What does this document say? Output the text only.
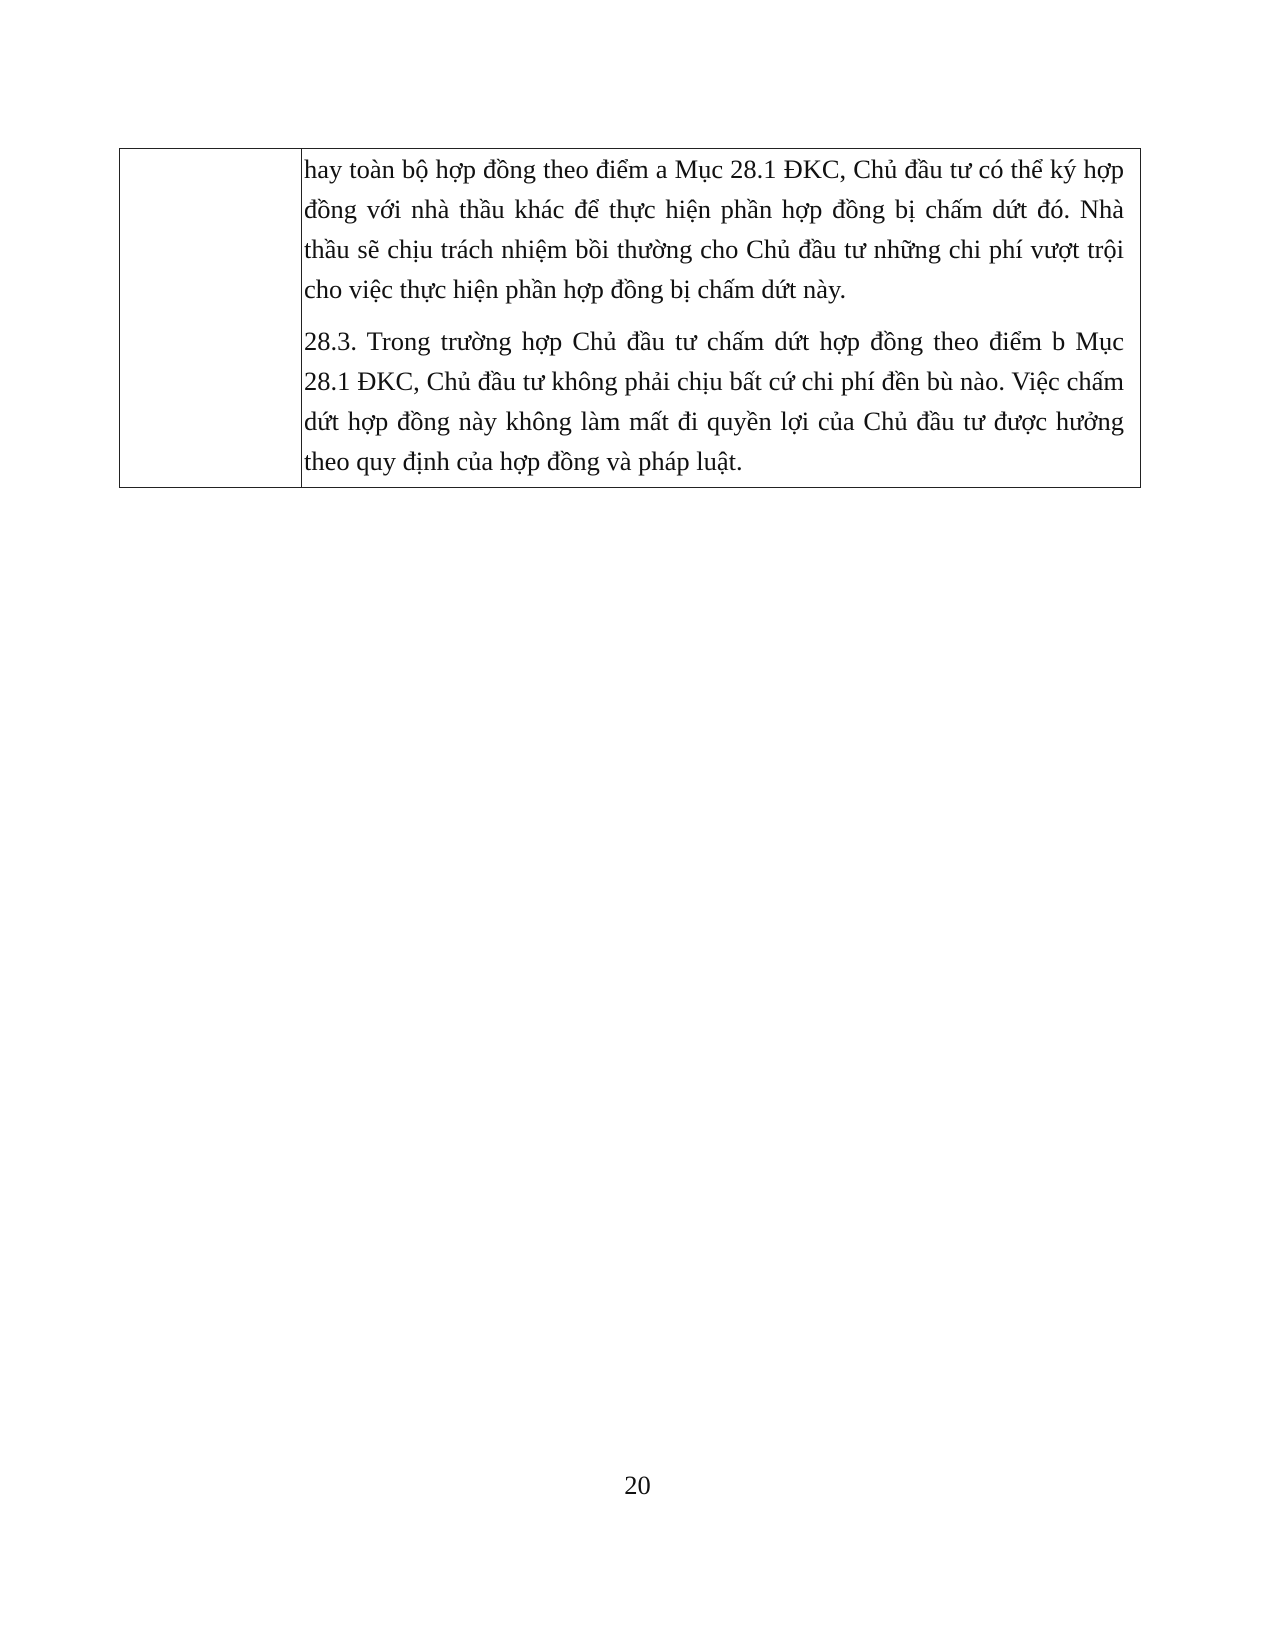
hay toàn bộ hợp đồng theo điểm a Mục 28.1 ĐKC, Chủ đầu tư có thể ký hợp đồng với nhà thầu khác để thực hiện phần hợp đồng bị chấm dứt đó. Nhà thầu sẽ chịu trách nhiệm bồi thường cho Chủ đầu tư những chi phí vượt trội cho việc thực hiện phần hợp đồng bị chấm dứt này.

28.3. Trong trường hợp Chủ đầu tư chấm dứt hợp đồng theo điểm b Mục 28.1 ĐKC, Chủ đầu tư không phải chịu bất cứ chi phí đền bù nào. Việc chấm dứt hợp đồng này không làm mất đi quyền lợi của Chủ đầu tư được hưởng theo quy định của hợp đồng và pháp luật.

20
